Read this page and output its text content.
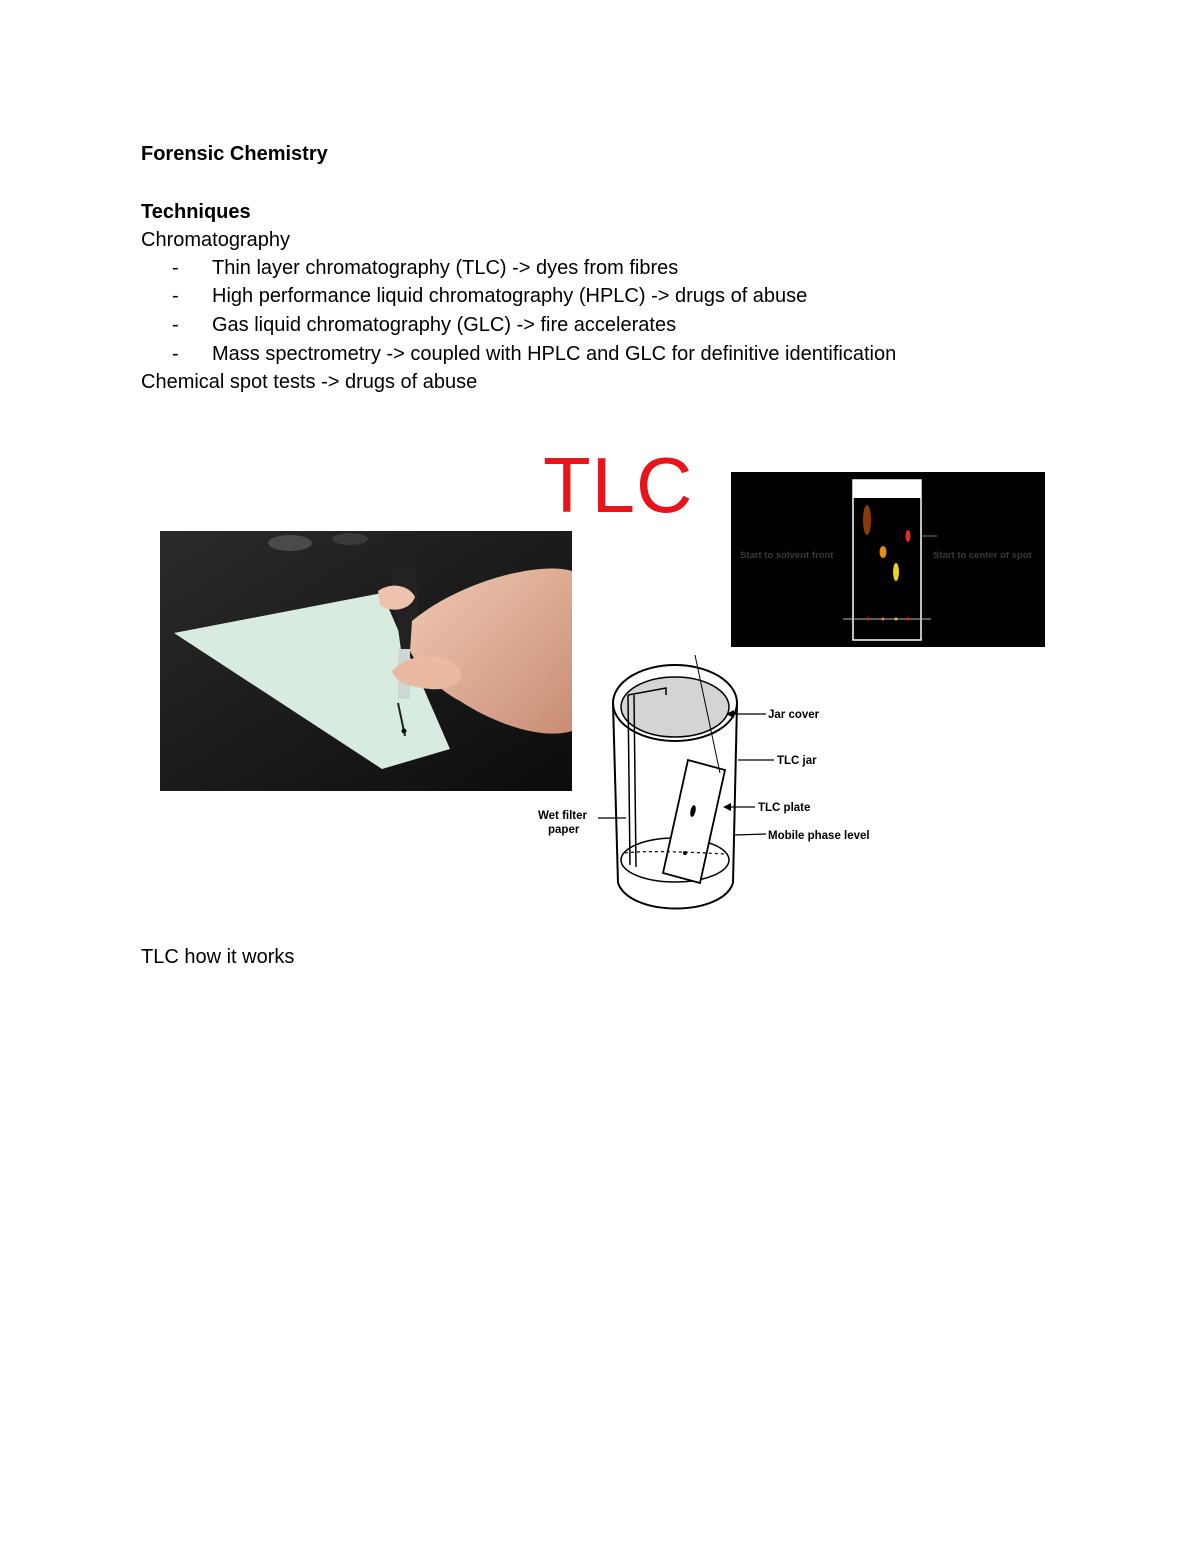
Forensic Chemistry
Techniques
Chromatography
- Thin layer chromatography (TLC) -> dyes from fibres
- High performance liquid chromatography (HPLC) -> drugs of abuse
- Gas liquid chromatography (GLC) -> fire accelerates
- Mass spectrometry -> coupled with HPLC and GLC for definitive identification
Chemical spot tests -> drugs of abuse
TLC
Start to solvent front	Start to center of spot
Jar cover
TLC jar
TLC plate
Mobile phase level
Wet filter
paper
TLC how it works
